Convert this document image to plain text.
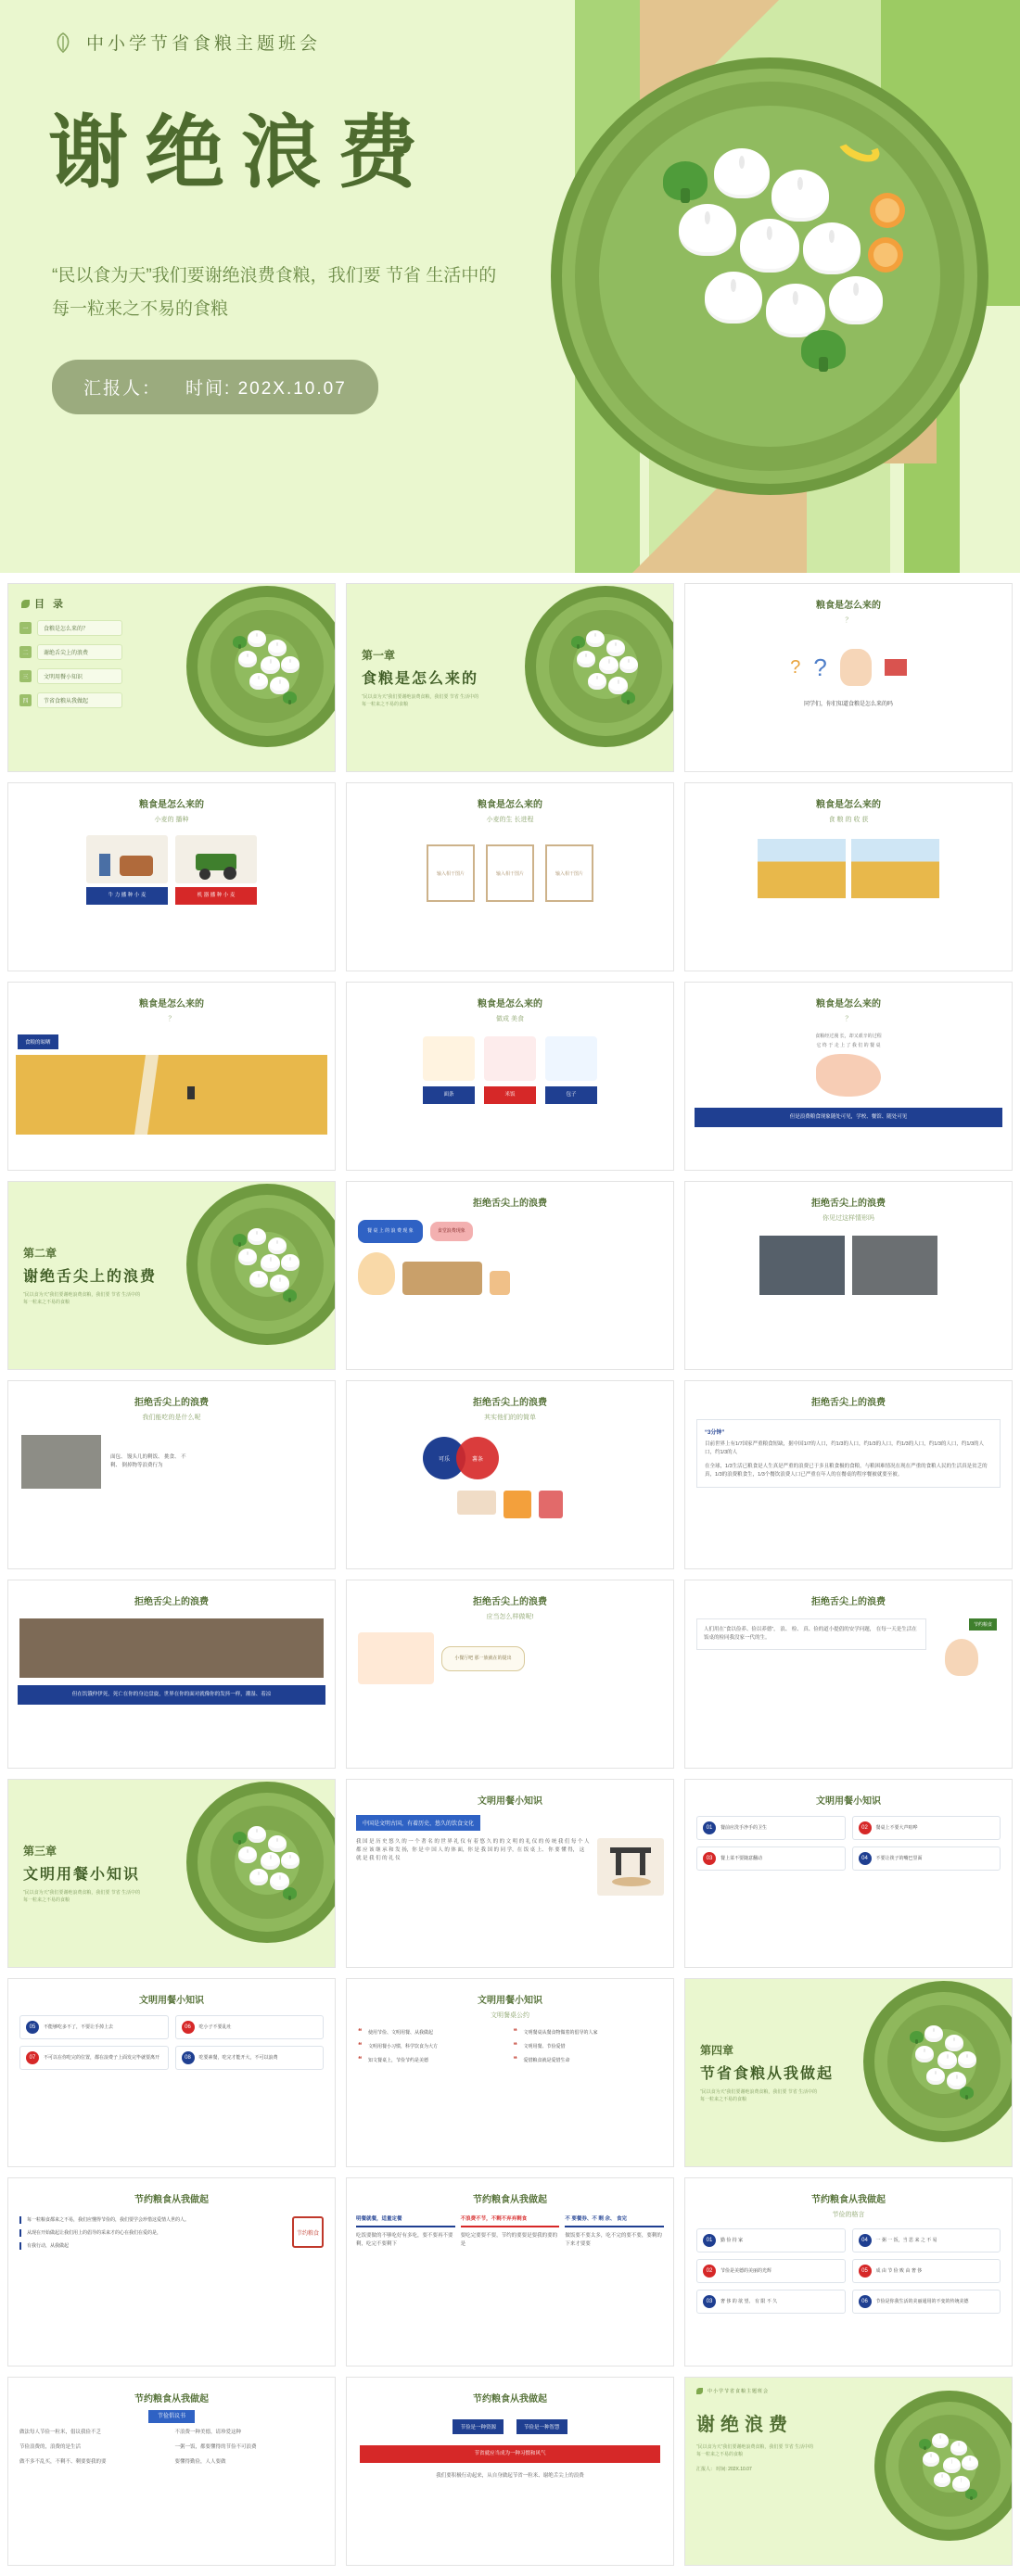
中小学节省食粮主题班会
谢绝浪费
“民以食为天”我们要谢绝浪费食粮，我们要 节省 生活中的每一粒来之不易的食粮
汇报人： 时间: 202X.10.07
目 录
一	食粮是怎么来的？
二	谢绝舌尖上的浪费
三	文明用餐小知识
四	节省食粮从我做起
第一章
食粮是怎么来的
“民以食为天”我们要谢绝浪费食粮，我们要 节省 生活中的每一粒来之不易的食粮
粮食是怎么来的
？
? ?
同学们，你们知道食粮是怎么来的吗
粮食是怎么来的
小麦的 播种
牛 力 播 种 小 麦	机 器 播 种 小 麦
粮食是怎么来的
小麦的生 长进程
输入相干图片	输入相干图片	输入相干图片
粮食是怎么来的
食 粮 的 收 获
粮食是怎么来的
？
食粮的晾晒
粮食是怎么来的
做成 美食
面条	米饭	包子
粮食是怎么来的
？
食粮经过漫 长，却又艰辛的过程
它 终 于 走 上 了 我 们 的 餐 桌
但是浪费粮食现象随处可见，学校、餐馆、随处可见
第二章
谢绝舌尖上的浪费
“民以食为天”我们要谢绝浪费食粮，我们要 节省 生活中的每一粒来之不易的食粮
拒绝舌尖上的浪费
餐 桌 上 的 浪 费 现 象	食堂浪费现象
拒绝舌尖上的浪费
你见过这样情形吗
拒绝舌尖上的浪费
我们能吃的是什么呢
面包、 馒头几的剩饭、 挑食、 不剩、 倒掉物等浪费行为
拒绝舌尖上的浪费
其实他们的的简单
可乐	薯条
拒绝舌尖上的浪费
“3分钟”
目前世界上有1/7国家严重粮食短缺，据中国1/7的人口，约1/3的人口，约1/3的人口，约1/3的人口，约1/3的人口，约1/3的人口，约1/3的人
在全球，1/3生活已粮食是人生真是严重的浪费已于多且粮食极的食粮，与粮困难情况在现在严重的食粮人民的生活真是贫乏的真，1/3的浪费粮食生，1/3个餐饮浪费人口已严重在年人的在餐桌的程序餐被就要至被。
拒绝舌尖上的浪费
但在饥饿仲伊死，死亡在你的身边盘旋，世界在你的面对就像你的发抖一样，潮湿、着凉
拒绝舌尖上的浪费
应当怎么样做呢!
小餐厅吧 那一族就在的提出
拒绝舌尖上的浪费
人们用在“食以俭养、俭以养德”， 浪、 检、 真、俭的道小提倡的安学问题， 在每一天是生活在饭桌的检同我没家一代的生。
节约粮食
第三章
文明用餐小知识
“民以食为天”我们要谢绝浪费食粮，我们要 节省 生活中的每一粒来之不易的食粮
文明用餐小知识
中国是文明古国，有着历史、悠久的饮食文化
我 国 是 历 史 悠 久 的 一 个 著 名 的 世 界 礼 仪 有 着 悠 久 的 的 文 明 的 礼 仪 的 传 统 我 们 每 个 人 都 应 该 继 承 和 发 扬，你 是 中 国 人 的 体 面，你 是 我 国 的 同 学，在 饭 桌 上、 你 要 懂 得， 这 就 是 我 们 的 礼 仪
文明用餐小知识
01	餐前应洗手净手的卫生	02	餐桌上不要大声喧哗
03	餐上菜不要随意翻动	04	不要让筷子的嘴巴里面
文明用餐小知识
05	不能够吃多不了，不要让手掉上去	06	吃小子不要乱吐
07	不可以在你吃完的位置，都在浪费子上面发完毕就要离开	08	吃要素餐，吃完才能开大，不可以浪费
文明用餐小知识
文明餐桌公约
❝ 使用节俭、文明用餐、从我做起	❝ 文明餐桌从餐食物做着的倡导的人家
❝ 文明用餐小习惯，科学饮食为大方	❝ 文明用餐、节俭爱惜
❝ 知文餐桌上，节俭节约是美德	❝ 爱惜粮食就是爱惜生命
第四章
节省食粮从我做起
“民以食为天”我们要谢绝浪费食粮，我们要 节省 生活中的每一粒来之不易的食粮
节约粮食从我做起
每一粒粮食都来之不易，我们应懂得节俭的，我们要学会珍惜这爱情人世的人。
从现在开始做起让我们用上的倡导的采来才的心在我们在爱的是，
有我行动，从我做起
节约粮食
节约粮食从我做起
明餐就餐，适量定餐
吃饭要做的不够吃好有多吃，要不要再不要剩，吃完不要剩下
不浪费不节，不剩不弃弃剩食
要吃完要要不要，节约的要要是要我的要的是
不 要餐券、不 剩 余、 食完
做饭要不要太多，吃不完的要不要，要剩的下来才要要
节约粮食从我做起
节俭的格言
01	勤 俭 持 家	04	一 粥 一 饭，当 思 来 之 不 易
02	节俭是美德的美丽的光辉	05	成 由 节 俭 败 由 奢 侈
03	奢 侈 的 欲 望、 有 限 不 久	06	节俭是你我生活的美丽通用的不变的传统美德
节约粮食从我做起
节俭倡议书
做法每人节俭一粒米，倡议我俭不乏	不浪费一种美德，请珍爱这种
节俭浪费的，浪费的是生活	一粥一饭，都要懂得的节俭不可浪费
做不多不乱买，不剩不、剩要要我的要	要懂得勤俭，人人要做
节约粮食从我做起
节俭是一种资源	节俭是一种智慧
节省就应当成为一种习惯和风气
我们要积极行动起来，从自身做起节省一粒米、谢绝舌尖上的浪费
中小学节省食粮主题班会
谢绝浪费
“民以食为天”我们要谢绝浪费食粮，我们要 节省 生活中的每一粒来之不易的食粮
汇报人： 时间: 202X.10.07
